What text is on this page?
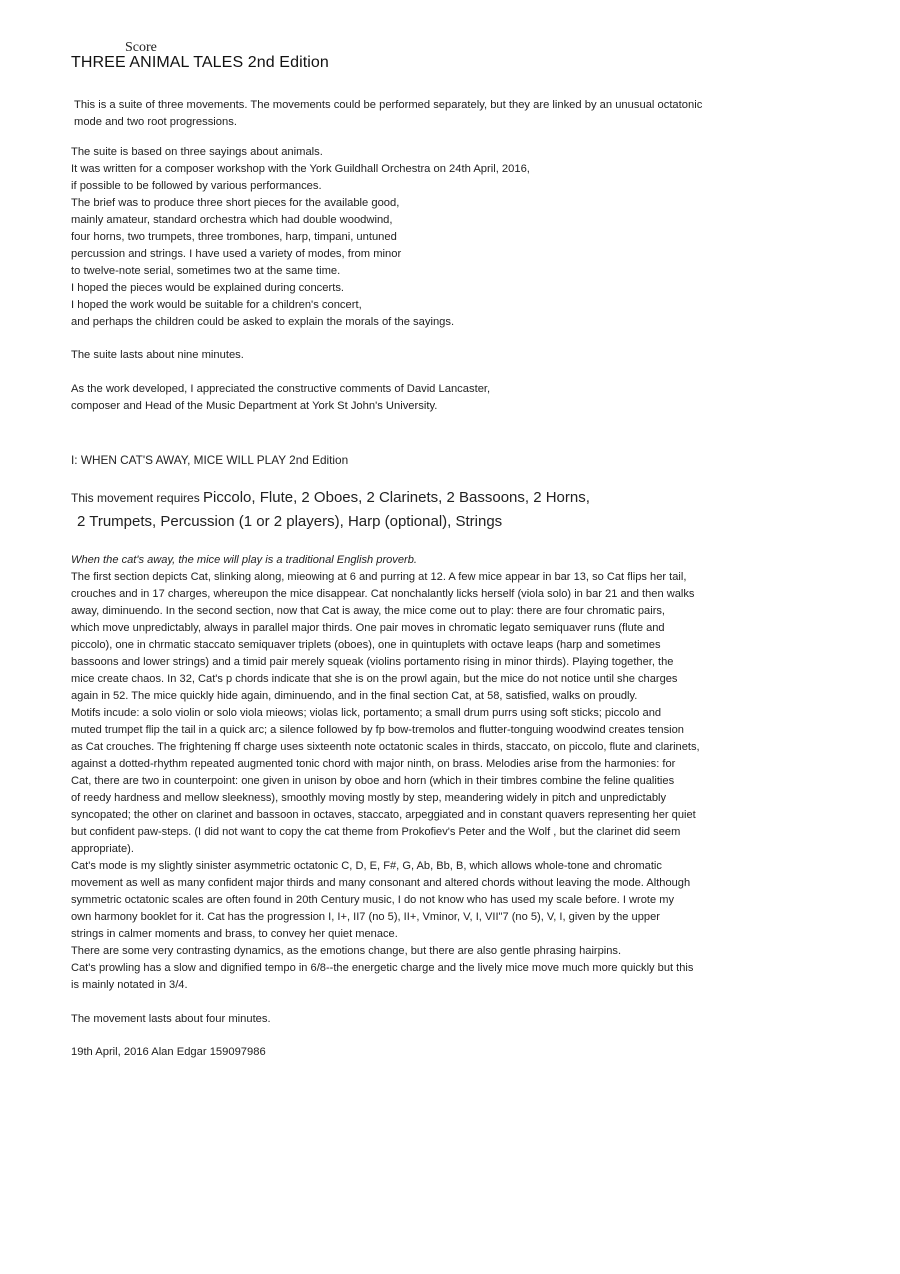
Score
THREE ANIMAL TALES 2nd Edition

This is a suite of three movements. The movements could be performed separately, but they are linked by an unusual octatonic

mode and two root progressions.

The suite is based on three sayings about animals.

It was written for a composer workshop with the York Guildhall Orchestra on 24th April, 2016,

if possible to be followed by various performances.

The brief was to produce three short pieces for the available good,

mainly amateur, standard orchestra which had double woodwind,

four horns, two trumpets, three trombones, harp, timpani, untuned

percussion and strings. I have used a variety of modes, from minor

to twelve-note serial, sometimes two at the same time.

I hoped the pieces would be explained during concerts.

I hoped the work would be suitable for a children's concert,

and perhaps the children could be asked to explain the morals of the sayings.

The suite lasts about nine minutes.

As the work developed, I appreciated the constructive comments of David Lancaster,

composer and Head of the Music Department at York St John's University.

I: WHEN CAT'S AWAY, MICE WILL PLAY 2nd Edition
This movement requires Piccolo, Flute, 2 Oboes, 2 Clarinets, 2 Bassoons, 2 Horns,
2 Trumpets, Percussion (1 or 2 players), Harp (optional), Strings

When the cat's away, the mice will play is a traditional English proverb.

The first section depicts Cat, slinking along, mieowing at 6 and purring at 12. A few mice appear in bar 13, so Cat flips her tail,

crouches and in 17 charges, whereupon the mice disappear. Cat nonchalantly licks herself (viola solo) in bar 21 and then walks

away, diminuendo. In the second section, now that Cat is away, the mice come out to play: there are four chromatic pairs,

which move unpredictably, always in parallel major thirds. One pair moves in chromatic legato semiquaver runs (flute and

piccolo), one in chrmatic staccato semiquaver triplets (oboes), one in quintuplets with octave leaps (harp and sometimes

bassoons and lower strings) and a timid pair merely squeak (violins portamento rising in minor thirds). Playing together, the

mice create chaos. In 32, Cat's p chords indicate that she is on the prowl again, but the mice do not notice until she charges

again in 52. The mice quickly hide again, diminuendo, and in the final section Cat, at 58, satisfied, walks on proudly.

Motifs incude: a solo violin or solo viola mieows; violas lick, portamento; a small drum purrs using soft sticks; piccolo and

muted trumpet flip the tail in a quick arc; a silence followed by fp bow-tremolos and flutter-tonguing woodwind creates tension

as Cat crouches. The frightening ff charge uses sixteenth note octatonic scales in thirds, staccato, on piccolo, flute and clarinets,

against a dotted-rhythm repeated augmented tonic chord with major ninth, on brass. Melodies arise from the harmonies: for

Cat, there are two in counterpoint: one given in unison by oboe and horn (which in their timbres combine the feline qualities

of reedy hardness and mellow sleekness), smoothly moving mostly by step, meandering widely in pitch and unpredictably

syncopated; the other on clarinet and bassoon in octaves, staccato, arpeggiated and in constant quavers representing her quiet

but confident paw-steps. (I did not want to copy the cat theme from Prokofiev's Peter and the Wolf , but the clarinet did seem

appropriate).

Cat's mode is my slightly sinister asymmetric octatonic C, D, E, F#, G, Ab, Bb, B, which allows whole-tone and chromatic

movement as well as many confident major thirds and many consonant and altered chords without leaving the mode. Although

symmetric octatonic scales are often found in 20th Century music, I do not know who has used my scale before. I wrote my

own harmony booklet for it. Cat has the progression I, I+, II7 (no 5), II+, Vminor, V, I, VII"7 (no 5), V, I, given by the upper

strings in calmer moments and brass, to convey her quiet menace.

There are some very contrasting dynamics, as the emotions change, but there are also gentle phrasing hairpins.

Cat's prowling has a slow and dignified tempo in 6/8--the energetic charge and the lively mice move much more quickly but this

is mainly notated in 3/4.

The movement lasts about four minutes.
19th April, 2016 Alan Edgar 159097986
